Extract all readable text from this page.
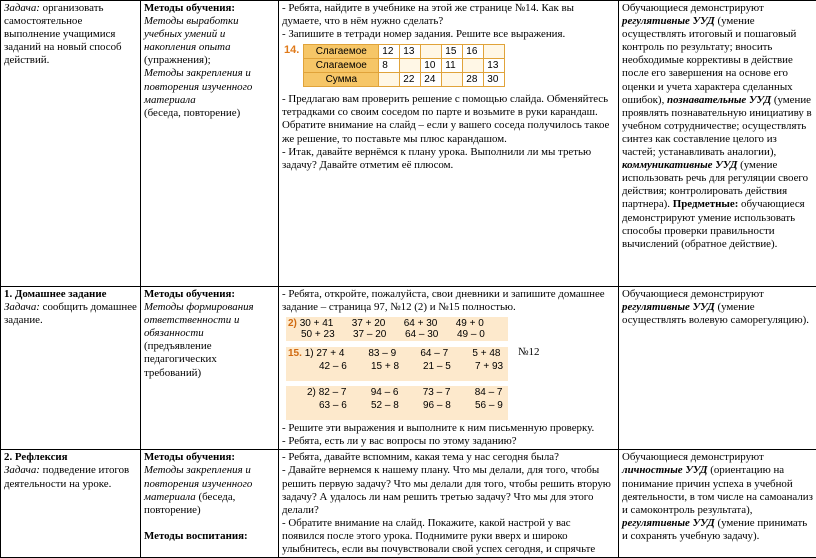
Задача: организовать самостоятельное выполнение учащимися заданий на новый способ действий.	
Методы обучения:
Методы выработки учебных умений и накопления опыта
(упражнения);
Методы закрепления и повторения изученного материала
(беседа, повторение)

- Ребята, найдите в учебнике на этой же странице №14. Как вы думаете, что в нём нужно сделать?
- Запишите в тетради номер задания. Решите все выражения.
14. Слагаемое	12	13		15	16	
Слагаемое	8		10	11		13
Сумма		22	24		28	30
- Предлагаю вам проверить решение с помощью слайда. Обменяйтесь тетрадками со своим соседом по парте и возьмите в руки карандаш. Обратите внимание на слайд – если у вашего соседа получилось такое же решение, то поставьте мы плюс карандашом.
- Итак, давайте вернёмся к плану урока. Выполнили ли мы третью задачу? Давайте отметим её плюсом.
	Обучающиеся демонстрируют регулятивные УУД (умение осуществлять итоговый и пошаговый контроль по результату; вносить необходимые коррективы в действие после его завершения на основе его оценки и учета характера сделанных ошибок), познавательные УУД (умение проявлять познавательную инициативу в учебном сотрудничестве; осуществлять синтез как составление целого из частей; устанавливать аналогии), коммуникативные УУД (умение использовать речь для регуляции своего действия; контролировать действия партнера). Предметные: обучающиеся демонстрируют умение использовать способы проверки правильности вычислений (обратное действие).

1. Домашнее задание
Задача: сообщить домашнее задание.	
Методы обучения:
Методы формирования ответственности и обязанности
(предъявление педагогических требований)

- Ребята, откройте, пожалуйста, свои дневники и запишите домашнее задание – страница 97, №12 (2) и №15 полностью.
2) 30 + 41 37 + 20 64 + 30 49 + 0
50 + 23 37 – 20 64 – 30 49 – 0
№12
15. 1) 27 + 4 83 – 9 64 – 7 5 + 48
42 – 6 15 + 8 21 – 5 7 + 93
2) 82 – 7 94 – 6 73 – 7 84 – 7
63 – 6 52 – 8 96 – 8 56 – 9
- Решите эти выражения и выполните к ним письменную проверку.
- Ребята, есть ли у вас вопросы по этому заданию?
	Обучающиеся демонстрируют регулятивные УУД (умение осуществлять волевую саморегуляцию).

2. Рефлексия
Задача: подведение итогов деятельности на уроке.	
Методы обучения:
Методы закрепления и повторения изученного материала (беседа, повторение)
Методы воспитания:

- Ребята, давайте вспомним, какая тема у нас сегодня была?
- Давайте вернемся к нашему плану. Что мы делали, для того, чтобы решить первую задачу? Что мы делали для того, чтобы решить вторую задачу? А удалось ли нам решить третью задачу? Что мы для этого делали?
- Обратите внимание на слайд. Покажите, какой настрой у вас появился после этого урока. Поднимите руки вверх и широко улыбнитесь, если вы почувствовали свой успех сегодня, и спрячьте
	Обучающиеся демонстрируют личностные УУД (ориентацию на понимание причин успеха в учебной деятельности, в том числе на самоанализ и самоконтроль результата), регулятивные УУД (умение принимать и сохранять учебную задачу).
